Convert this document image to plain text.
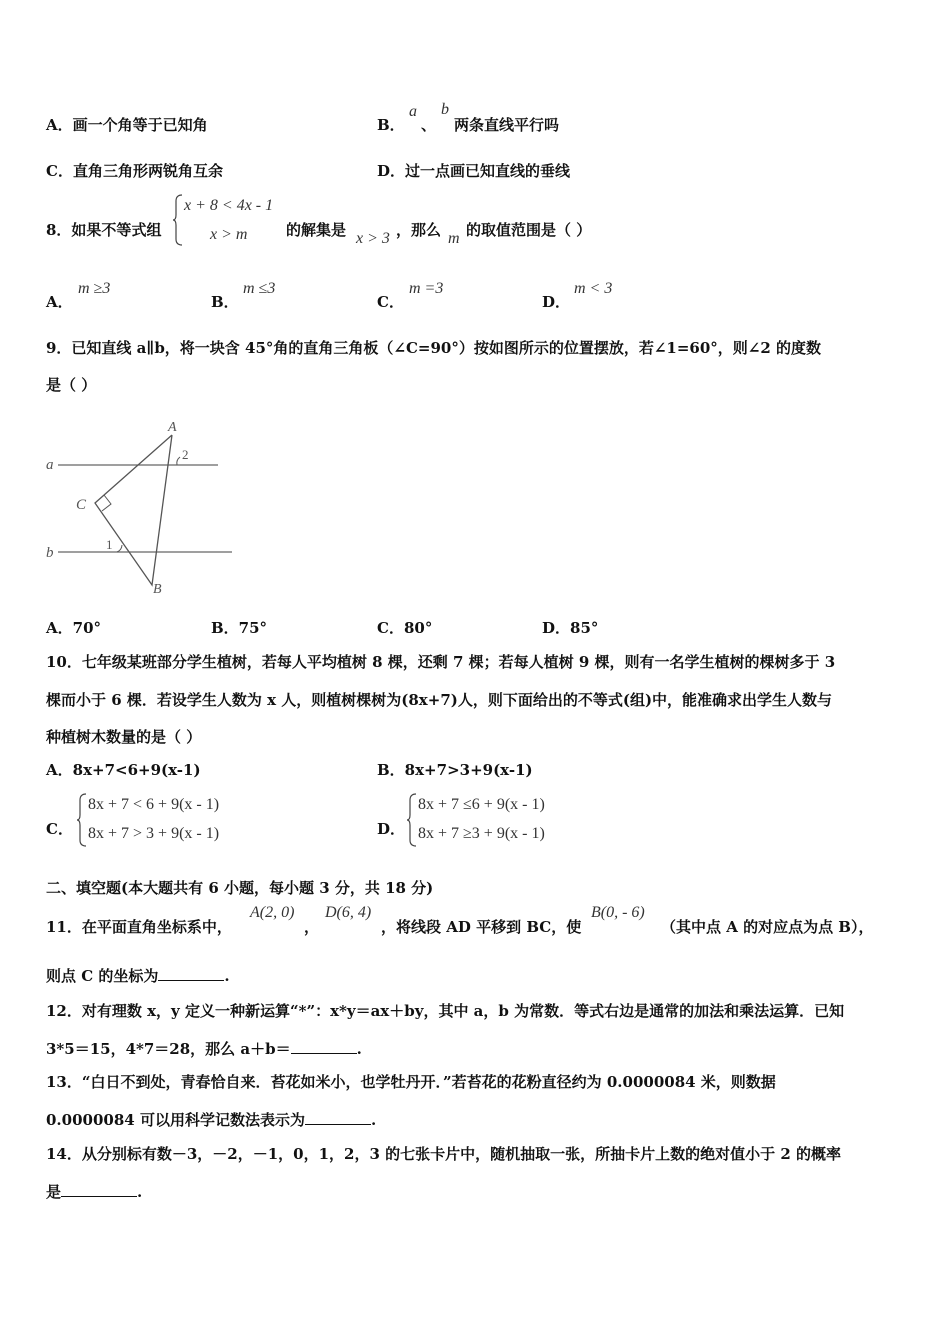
A．画一个角等于已知角	B．
a
、
b
两条直线平行吗
C．直角三角形两锐角互余	D．过一点画已知直线的垂线
8．如果不等式组
x + 8 < 4x - 1
x > m	的解集是 x > 3 ，那么 m 的取值范围是（ ）
A．
m ≥3
B．
m ≤3
C．
m =3
D．
m < 3
9．已知直线 a∥b，将一块含 45°角的直角三角板（∠C=90°）按如图所示的位置摆放，若∠1=60°，则∠2 的度数
是（ ）
a
b
A
B
C
1
2
A．70°	B．75°	C．80°	D．85°
10．七年级某班部分学生植树，若每人平均植树 8 棵，还剩 7 棵；若每人植树 9 棵，则有一名学生植树的棵树多于 3
棵而小于 6 棵．若设学生人数为 x 人，则植树棵树为(8x+7)人，则下面给出的不等式(组)中，能准确求出学生人数与
种植树木数量的是（ ）
A．8x+7<6+9(x-1)	B．8x+7>3+9(x-1)
C．
8x + 7 < 6 + 9(x - 1)
8x + 7 > 3 + 9(x - 1)	D．
8x + 7 ≤6 + 9(x - 1)
8x + 7 ≥3 + 9(x - 1)
二、填空题(本大题共有 6 小题，每小题 3 分，共 18 分)
11．在平面直角坐标系中，
A(2, 0)
，
D(6, 4)
，将线段 AD 平移到 BC，使
B(0, - 6)
（其中点 A 的对应点为点 B），
则点 C 的坐标为	.
12．对有理数 x，y 定义一种新运算“*”：x*y＝ax＋by，其中 a，b 为常数．等式右边是通常的加法和乘法运算．已知
3*5＝15，4*7＝28，那么 a＋b＝	.
13．“白日不到处，青春恰自来．苔花如米小，也学牡丹开．”若苔花的花粉直径约为 0.0000084 米，则数据
0.0000084 可以用科学记数法表示为	.
14．从分别标有数－3，－2，－1，0，1，2，3 的七张卡片中，随机抽取一张，所抽卡片上数的绝对值小于 2 的概率
是	.
